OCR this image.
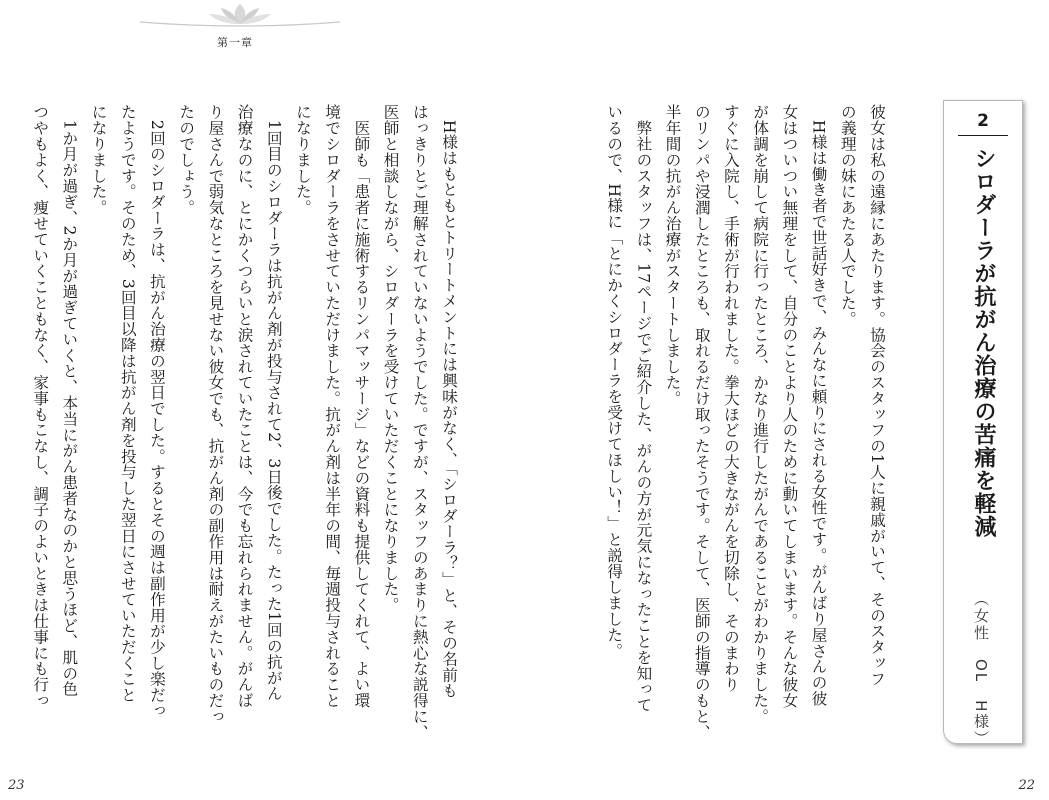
第一章
2
シロダーラが抗がん治療の苦痛を軽減
（女性　OL　H様）
彼女は私の遠縁にあたります。協会のスタッフの1人に親戚がいて、そのスタッフ
の義理の妹にあたる人でした。
　H様は働き者で世話好きで、みんなに頼りにされる女性です。がんばり屋さんの彼
女はついつい無理をして、自分のことより人のために動いてしまいます。そんな彼女
が体調を崩して病院に行ったところ、かなり進行したがんであることがわかりました。
すぐに入院し、手術が行われました。拳大ほどの大きながんを切除し、そのまわり
のリンパや浸潤したところも、取れるだけ取ったそうです。そして、医師の指導のもと、
半年間の抗がん治療がスタートしました。
　弊社のスタッフは、17ページでご紹介した、がんの方が元気になったことを知って
いるので、H様に「とにかくシロダーラを受けてほしい！」と説得しました。
　H様はもともとトリートメントには興味がなく、「シロダーラ？」と、その名前も
はっきりとご理解されていないようでした。ですが、スタッフのあまりに熱心な説得に、
医師と相談しながら、シロダーラを受けていただくことになりました。
　医師も「患者に施術するリンパマッサージ」などの資料も提供してくれて、よい環
境でシロダーラをさせていただけました。抗がん剤は半年の間、毎週投与されること
になりました。
　1回目のシロダーラは抗がん剤が投与されて2、3日後でした。たった1回の抗がん
治療なのに、とにかくつらいと涙されていたことは、今でも忘れられません。がんば
り屋さんで弱気なところを見せない彼女でも、抗がん剤の副作用は耐えがたいものだっ
たのでしょう。
　2回のシロダーラは、抗がん治療の翌日でした。するとその週は副作用が少し楽だっ
たようです。そのため、3回目以降は抗がん剤を投与した翌日にさせていただくこと
になりました。
　1か月が過ぎ、2か月が過ぎていくと、本当にがん患者なのかと思うほど、肌の色
つやもよく、痩せていくこともなく、家事もこなし、調子のよいときは仕事にも行っ
23	22
